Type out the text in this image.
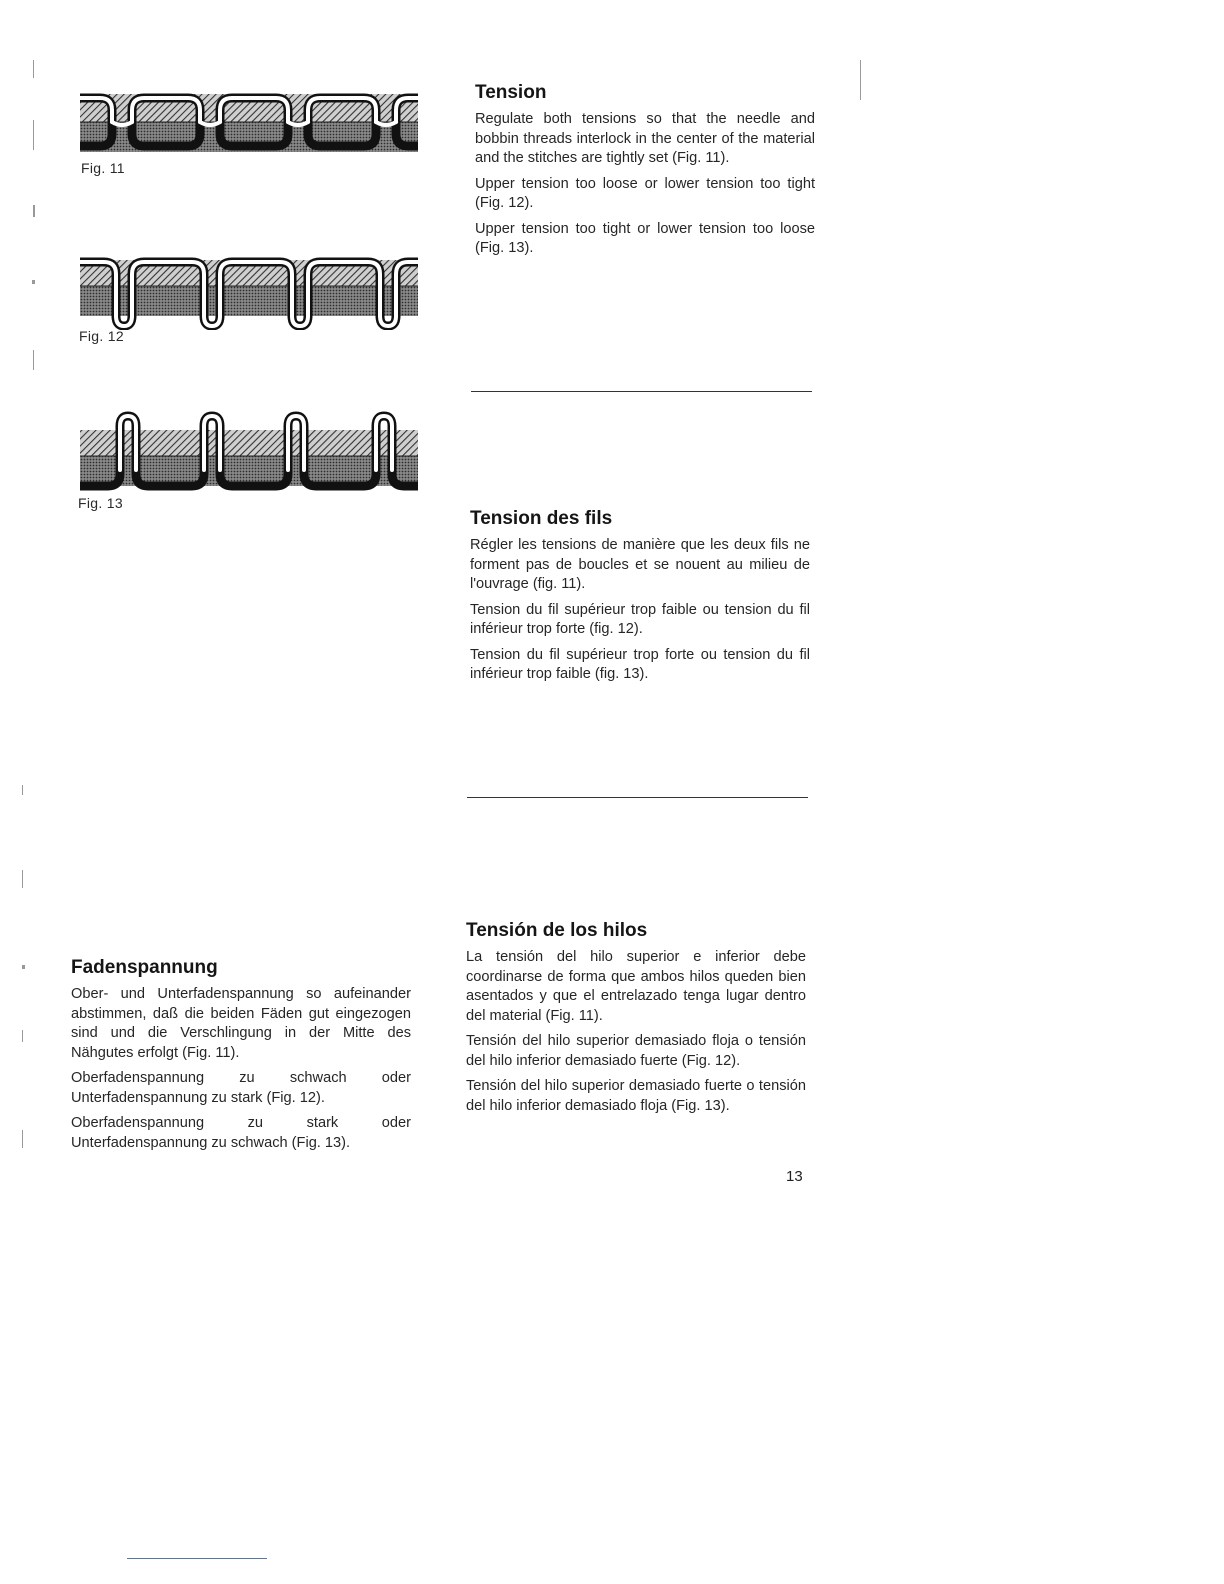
Fig. 11
Fig. 12
Fig. 13
Tension

Regulate both tensions so that the needle and bobbin threads interlock in the center of the material and the stitches are tightly set (Fig. 11).

Upper tension too loose or lower tension too tight (Fig. 12).

Upper tension too tight or lower tension too loose (Fig. 13).

Tension des fils

Régler les tensions de manière que les deux fils ne forment pas de boucles et se nouent au milieu de l'ouvrage (fig. 11).

Tension du fil supérieur trop faible ou tension du fil inférieur trop forte (fig. 12).

Tension du fil supérieur trop forte ou tension du fil inférieur trop faible (fig. 13).

Tensión de los hilos

La tensión del hilo superior e inferior debe coordinarse de forma que ambos hilos queden bien asentados y que el entrelazado tenga lugar dentro del material (Fig. 11).

Tensión del hilo superior demasiado floja o tensión del hilo inferior demasiado fuerte (Fig. 12).

Tensión del hilo superior demasiado fuerte o tensión del hilo inferior demasiado floja (Fig. 13).

Fadenspannung

Ober- und Unterfadenspannung so aufeinander abstimmen, daß die beiden Fäden gut eingezogen sind und die Verschlingung in der Mitte des Nähgutes erfolgt (Fig. 11).

Oberfadenspannung zu schwach oder Unterfadenspannung zu stark (Fig. 12).

Oberfadenspannung zu stark oder Unterfadenspannung zu schwach (Fig. 13).

13
